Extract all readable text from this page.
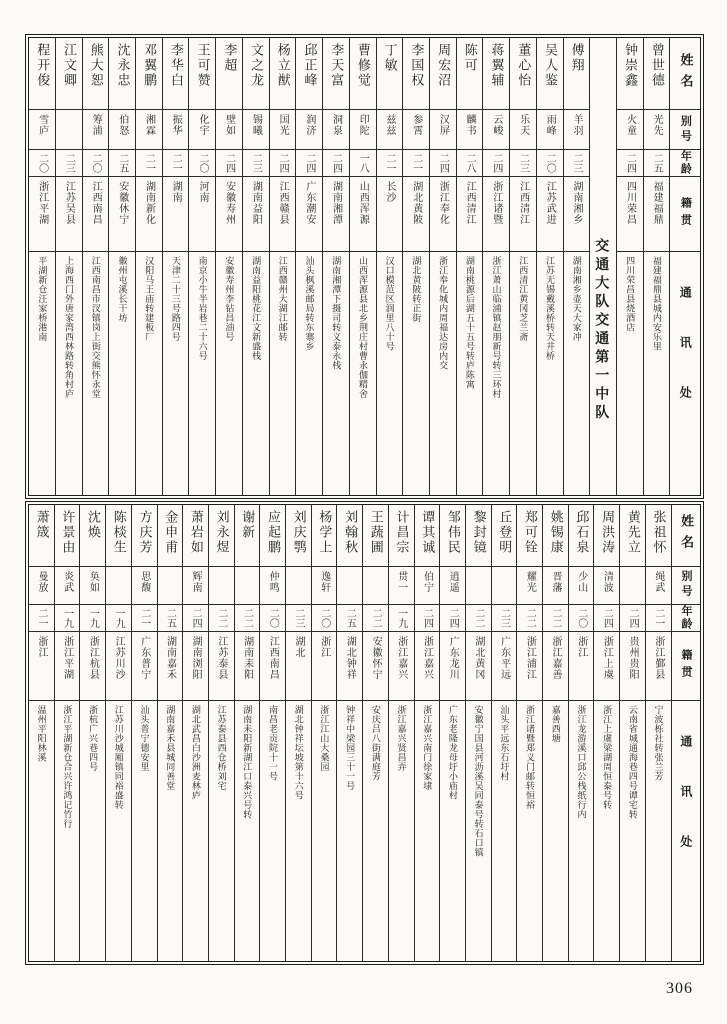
姓名
别号
年龄
籍贯
通讯处
曾世德
光先
二五
福建福鼎
福建福鼎县城内安乐里
钟崇鑫
火童
二四
四川荣昌
四川荣昌县烧酒店
交通大队交通第一中队
傅翔
羊羽
二三
湖南湘乡
湖南湘乡壶天大家冲
吴人鉴
雨峰
二〇
江苏武进
江苏无锡戴溪桥转天井桥
董心怡
乐天
二三
江西清江
江西清江黄冈芝兰斋
蒋翼辅
云峻
二四
浙江诸暨
浙江萧山临浦镇赵朋新号转三环村
陈可
麟书
二八
江西清江
湖南桃源后湖五十五号转庐陈寓
周宏沼
汉屏
二四
浙江奉化
浙江奉化城内周福达房内交
李国权
参霄
二一
湖北黄陂
湖北黄陂转正街
丁敏
兹兹
二一
长沙
汉口模范区润里八十号
曹修觉
印陀
一八
山西浑源
山西浑源县北乡荆庄村曹永伽精舍
李天富
洞泉
二四
湖南湘潭
湖南湘潭下摄司转义泰永栈
邱正峰
润济
二四
广东潮安
汕头枫溪邮局转东寨乡
杨立猷
国光
二四
江西赣县
江西赣州大湖江邮转
文之龙
锡曦
二三
湖南益阳
湖南益阳桃花江文新盛栈
李超
壁如
二四
安徽寿州
安徽寿州李钻昌油号
王可赞
化宇
二〇
河南
南京小牛半岩巷二十六号
李华白
振华
二一
湖南
天津二十三号路四号
邓翼鹏
湘霖
二一
湖南新化
汉阳马王庙转建板厂
沈永忠
伯怒
二五
安徽休宁
徽州屯溪长干坊
熊大恕
筹浦
二〇
江西南昌
江西南昌市汊镇岗上街交熊怀永堂
江文卿
二三
江苏吴县
上海西门外唐家湾西林路转角村庐
程开俊
雪庐
二〇
浙江平湖
平湖新仓汪家桥港南
姓名
别号
年龄
籍贯
通讯处
张祖怀
绳武
二一
浙江鄞县
宁波栎社转张兰芳
黄先立
二四
贵州贵阳
云南省城通海巷四号谭宅转
周洪涛
清波
二四
浙江上虞
浙江上虞梁湖周恒泰号转
邱石泉
少山
二〇
浙江
浙江龙游溪口邱公栈纸行内
姚锡康
晋藩
二二
浙江嘉善
嘉善西塘
郑可铨
耀光
二二
浙江浦江
浙江诸暨郑义门邮转恒裕
丘登明
二三
广东平远
汕头平远东石圩村
黎封镜
二二
湖北黄冈
安徽宁国县河沥溪吴同泰号转石口镇
邹伟民
逍遥
二四
广东龙川
广东老隆龙母圩小庙村
谭其诚
伯宁
二四
浙江嘉兴
浙江嘉兴南门徐家埭
计昌宗
贯一
一九
浙江嘉兴
浙江嘉兴贤昌弄
王蔬圃
二二
安徽怀宁
安庆吕八街满庭芳
刘翰秋
二五
湖北钟祥
钟祥中梁园三十一号
杨学上
逸轩
二〇
浙江
浙江江山大桑园
刘庆鹗
二三
湖北
湖北钟祥坛坡第十六号
应起鹏
仲鸣
二〇
江西南昌
南昌老贡院十一号
谢新
二二
湖南耒阳
湖南耒阳新湖江口泰兴号转
刘永煜
二二
江苏泰县
江苏泰县西仓桥刘宅
萧岩如
辉南
二四
湖南浏阳
湖北武昌白沙洲麦林庐
金申甫
二五
湖南嘉禾
湖南嘉禾县城同善堂
方庆芳
思馥
二一
广东普宁
汕头普宁德安里
陈棪生
一九
江苏川沙
江苏川沙城厢镇同裕盛转
沈焕
奂如
一九
浙江杭县
浙杭广兴巷四号
许景由
炎武
一九
浙江平湖
浙江平湖新仓合兴许鸿记竹行
萧筬
曼放
二一
浙江
温州平阳林溪
306
